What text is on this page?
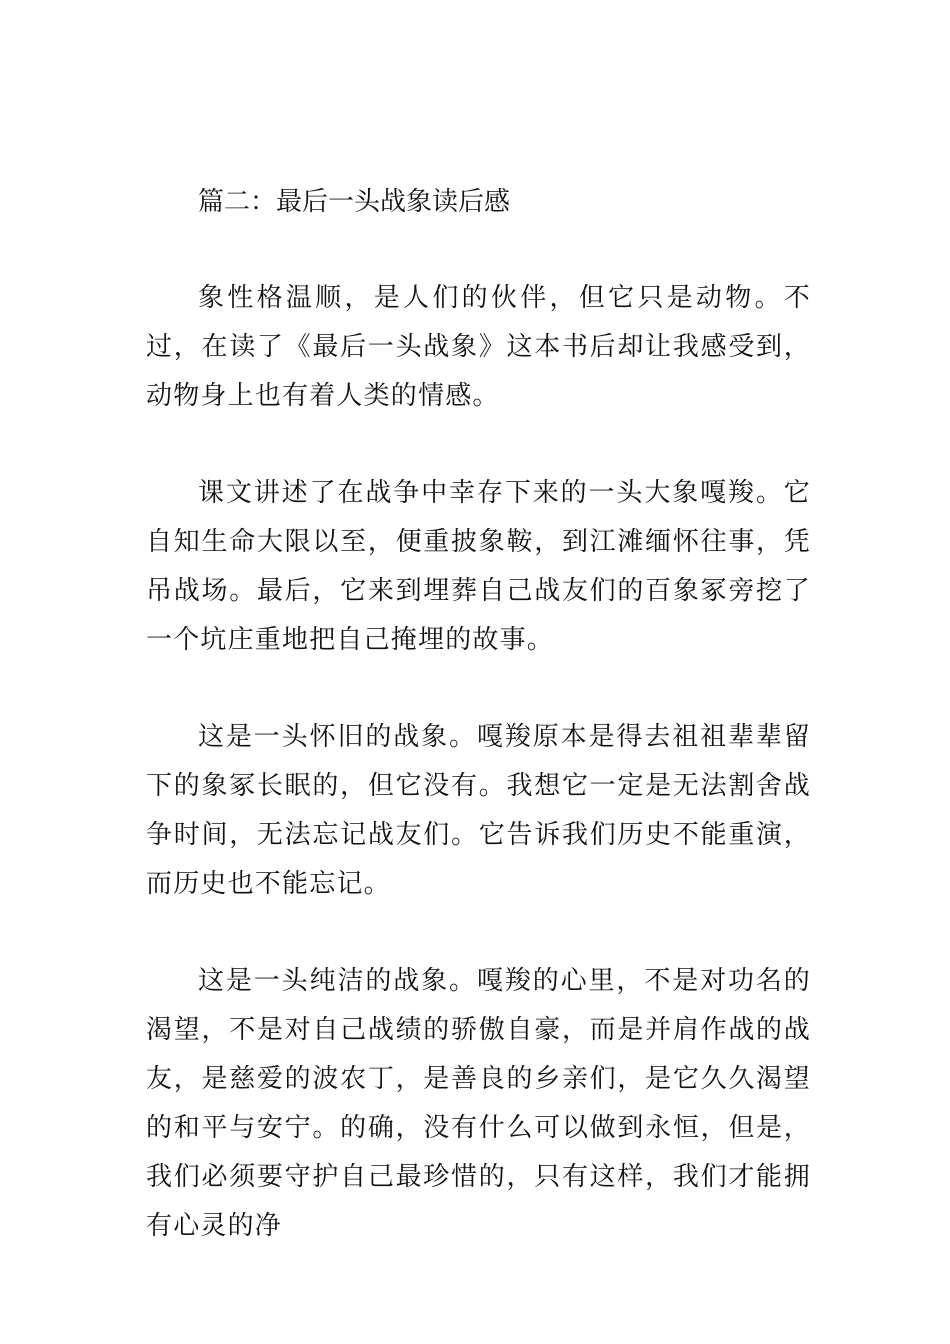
篇二：最后一头战象读后感

象性格温顺，是人们的伙伴，但它只是动物。不过，在读了《最后一头战象》这本书后却让我感受到，动物身上也有着人类的情感。

课文讲述了在战争中幸存下来的一头大象嘎羧。它自知生命大限以至，便重披象鞍，到江滩缅怀往事，凭吊战场。最后，它来到埋葬自己战友们的百象冢旁挖了一个坑庄重地把自己掩埋的故事。

这是一头怀旧的战象。嘎羧原本是得去祖祖辈辈留下的象冢长眠的，但它没有。我想它一定是无法割舍战争时间，无法忘记战友们。它告诉我们历史不能重演，而历史也不能忘记。

这是一头纯洁的战象。嘎羧的心里，不是对功名的渴望，不是对自己战绩的骄傲自豪，而是并肩作战的战友，是慈爱的波农丁，是善良的乡亲们，是它久久渴望的和平与安宁。的确，没有什么可以做到永恒，但是，我们必须要守护自己最珍惜的，只有这样，我们才能拥有心灵的净
